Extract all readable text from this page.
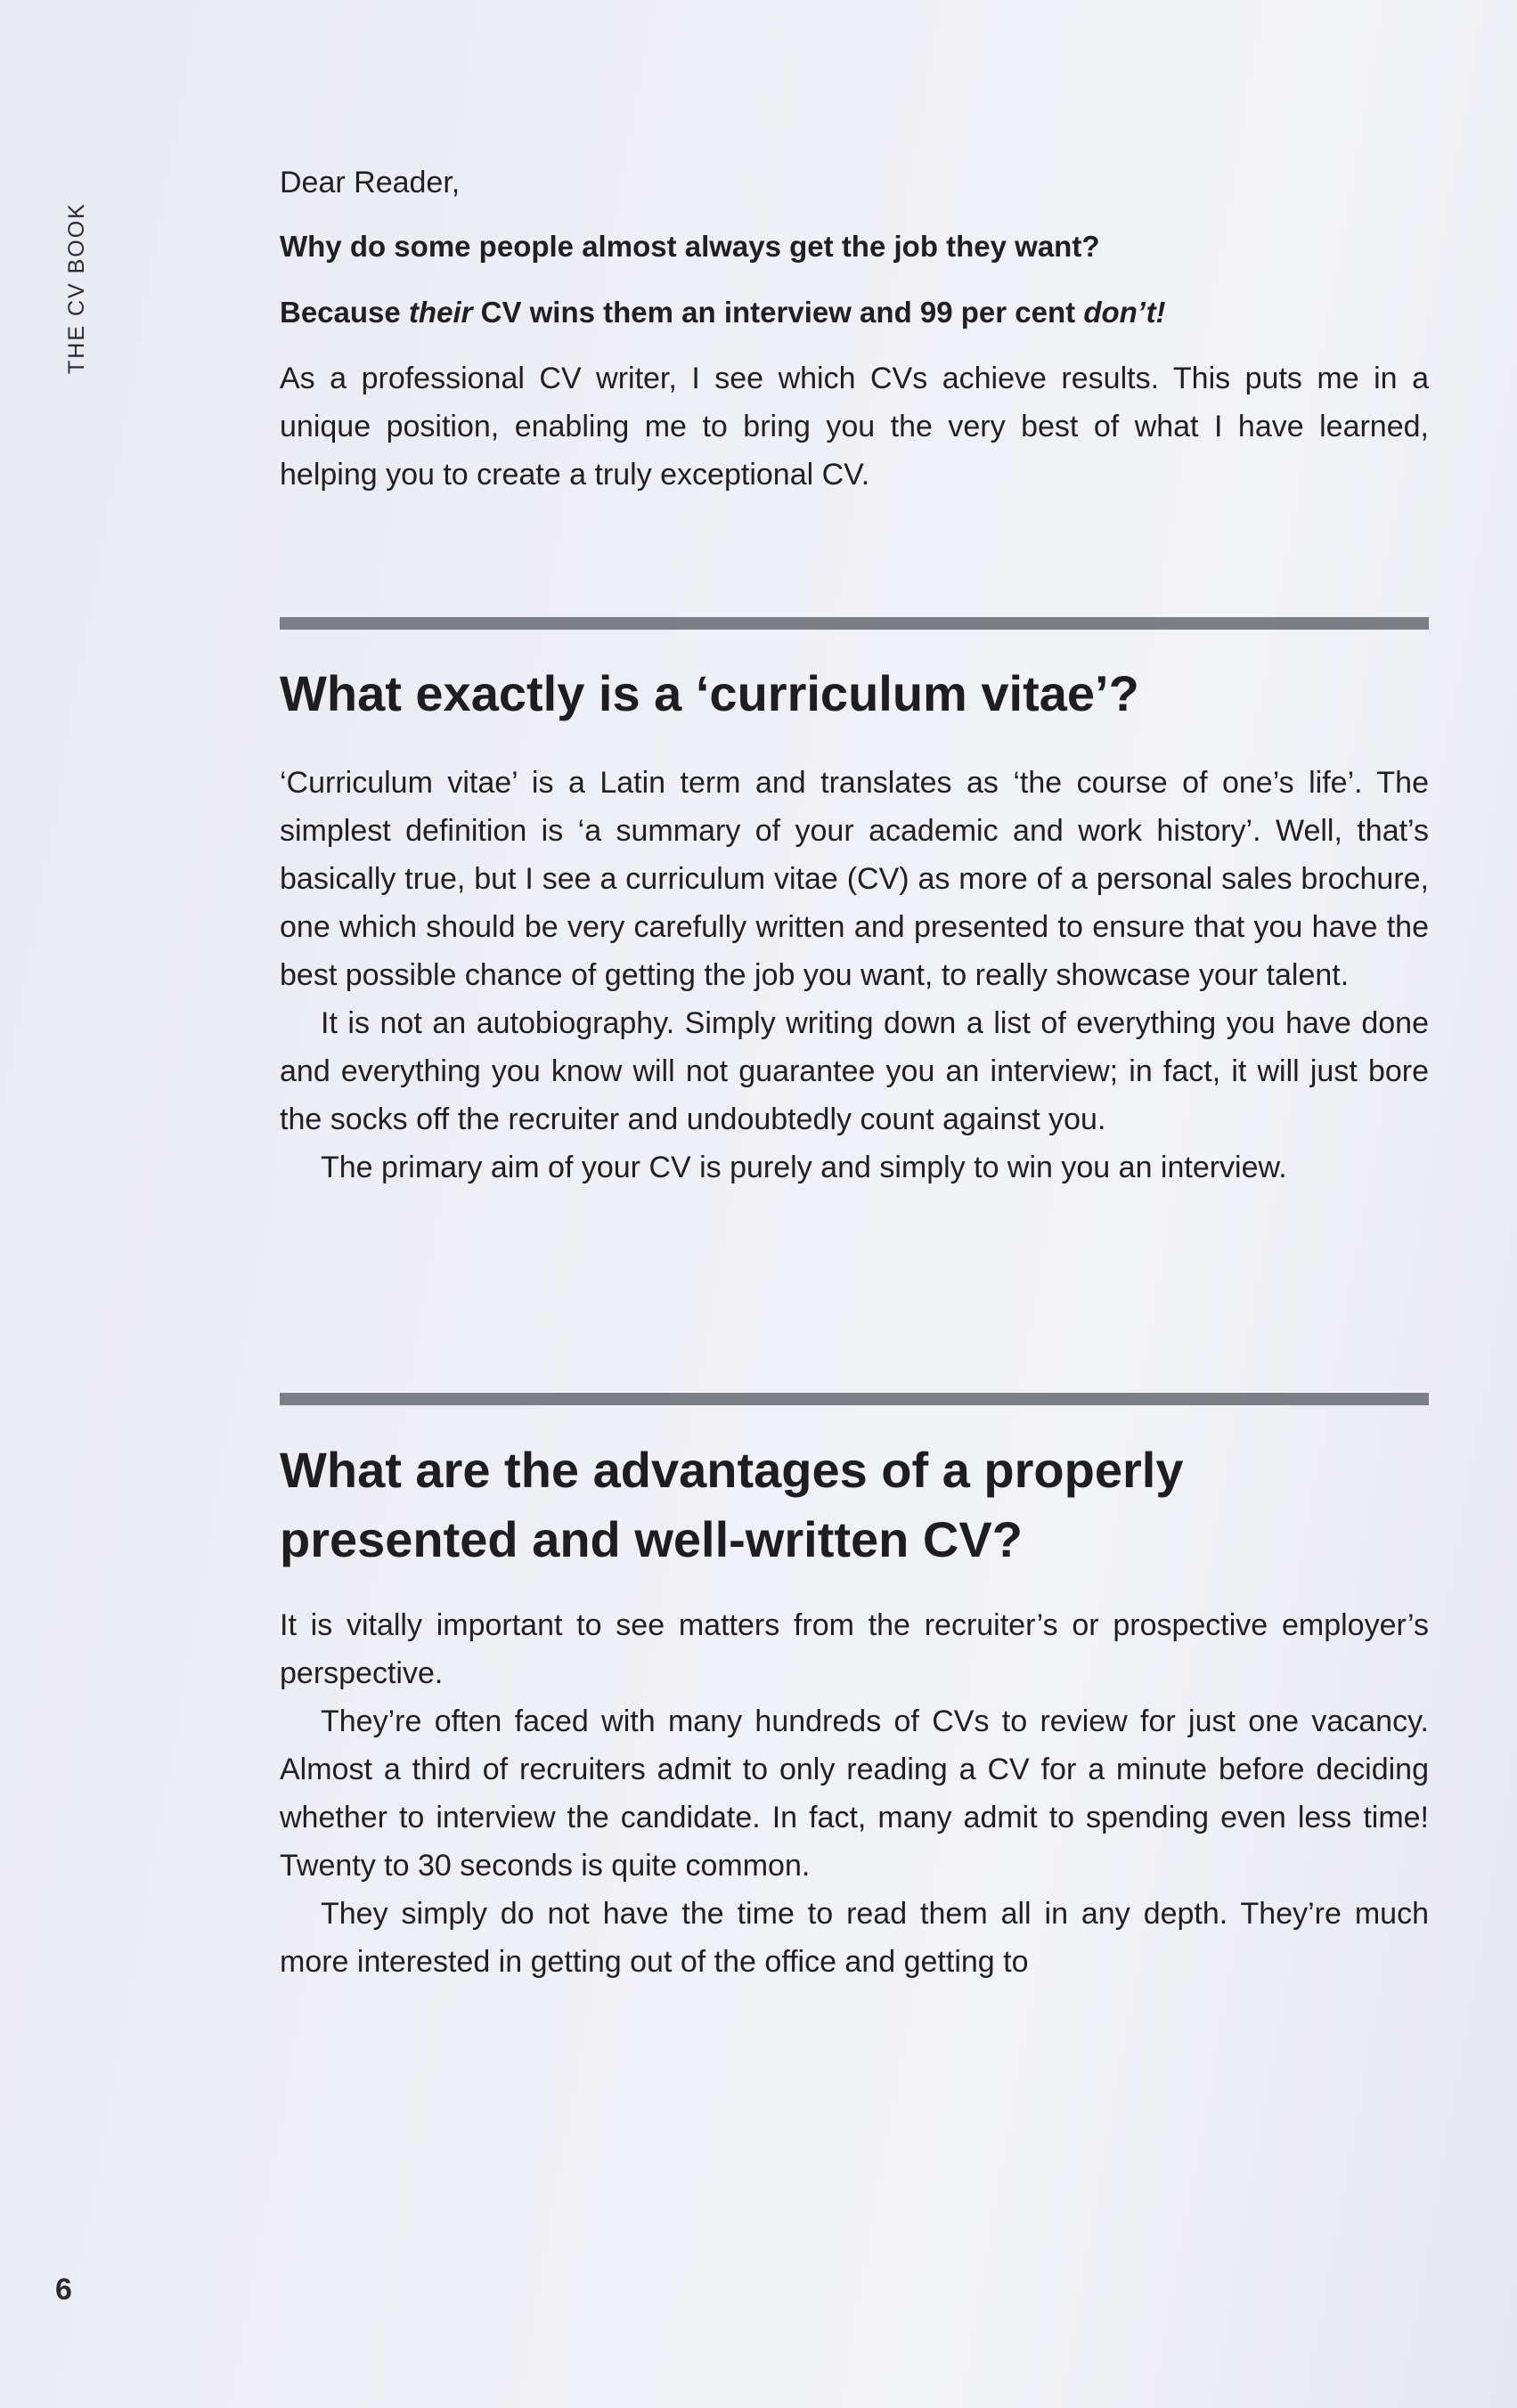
THE CV BOOK

Dear Reader,

Why do some people almost always get the job they want?

Because their CV wins them an interview and 99 per cent don’t!

As a professional CV writer, I see which CVs achieve results. This puts me in a unique position, enabling me to bring you the very best of what I have learned, helping you to create a truly exceptional CV.

What exactly is a ‘curriculum vitae’?

‘Curriculum vitae’ is a Latin term and translates as ‘the course of one’s life’. The simplest definition is ‘a summary of your academic and work history’. Well, that’s basically true, but I see a curriculum vitae (CV) as more of a personal sales brochure, one which should be very carefully written and presented to ensure that you have the best possible chance of getting the job you want, to really showcase your talent.

It is not an autobiography. Simply writing down a list of everything you have done and everything you know will not guarantee you an interview; in fact, it will just bore the socks off the recruiter and undoubtedly count against you.

The primary aim of your CV is purely and simply to win you an interview.

What are the advantages of a properly presented and well-written CV?

It is vitally important to see matters from the recruiter’s or prospective employer’s perspective.

They’re often faced with many hundreds of CVs to review for just one vacancy. Almost a third of recruiters admit to only reading a CV for a minute before deciding whether to interview the candidate. In fact, many admit to spending even less time! Twenty to 30 seconds is quite common.

They simply do not have the time to read them all in any depth. They’re much more interested in getting out of the office and getting to

6
